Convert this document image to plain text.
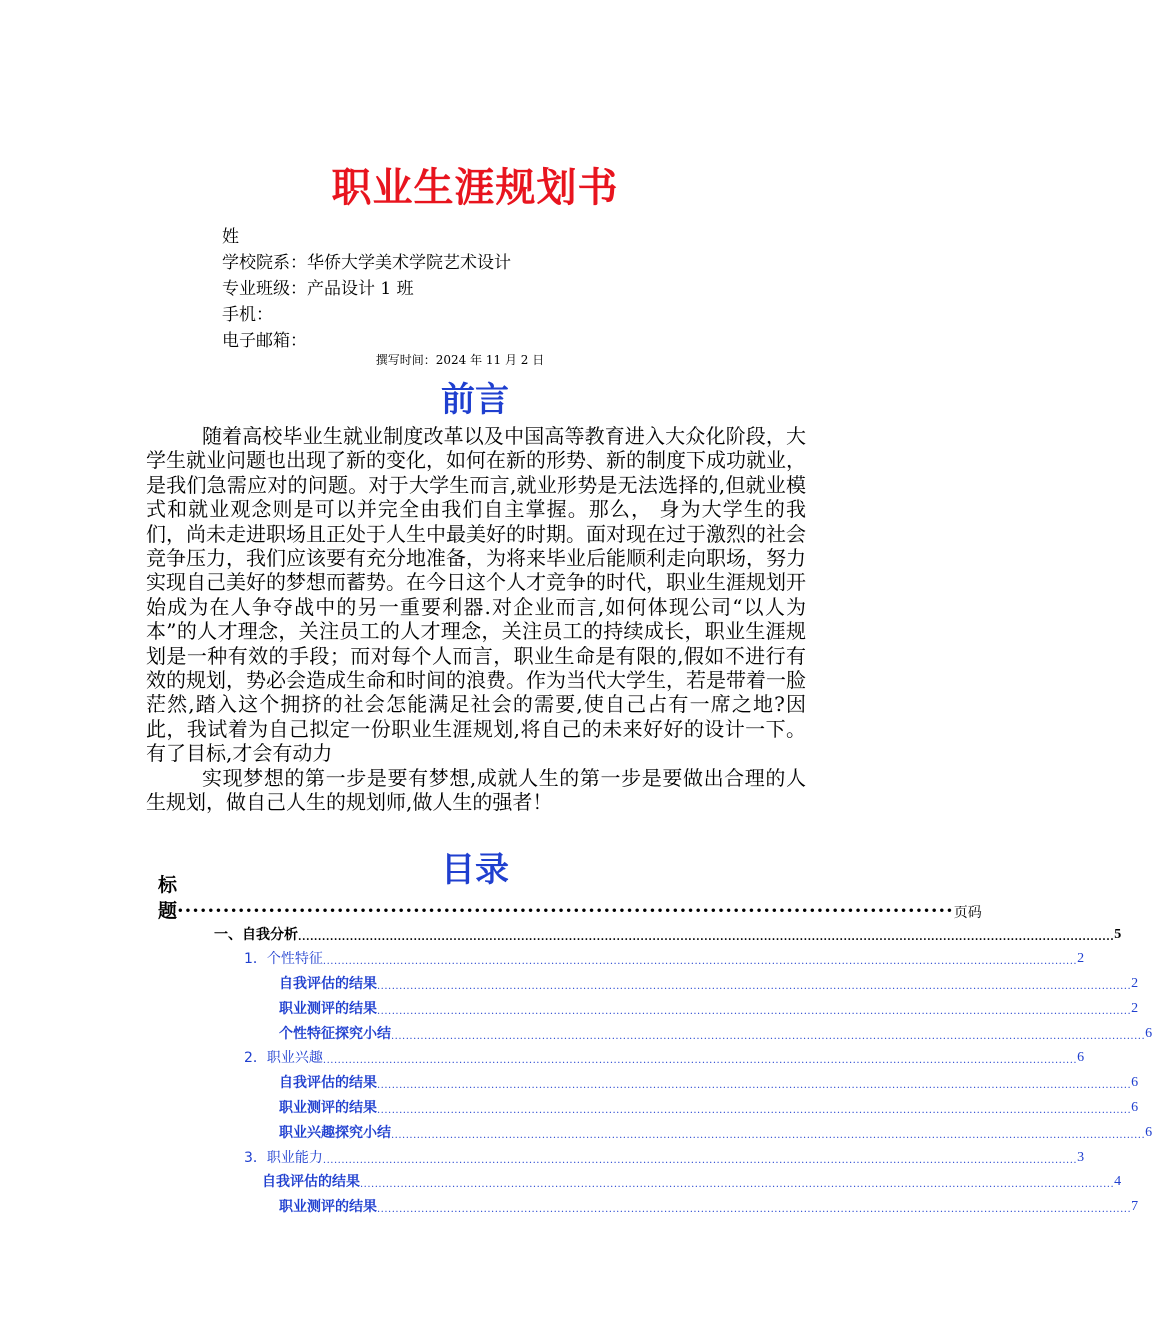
职业生涯规划书
姓
学校院系：华侨大学美术学院艺术设计
专业班级：产品设计 1 班
手机：
电子邮箱：
撰写时间：2024 年 11 月 2 日
前言

随着高校毕业生就业制度改革以及中国高等教育进入大众化阶段，大学生就业问题也出现了新的变化，如何在新的形势、新的制度下成功就业，是我们急需应对的问题。对于大学生而言,就业形势是无法选择的,但就业模式和就业观念则是可以并完全由我们自主掌握。那么， 身为大学生的我们，尚未走进职场且正处于人生中最美好的时期。面对现在过于激烈的社会竞争压力，我们应该要有充分地准备，为将来毕业后能顺利走向职场，努力实现自己美好的梦想而蓄势。在今日这个人才竞争的时代，职业生涯规划开始成为在人争夺战中的另一重要利器.对企业而言,如何体现公司“以人为本”的人才理念，关注员工的人才理念，关注员工的持续成长，职业生涯规划是一种有效的手段；而对每个人而言，职业生命是有限的,假如不进行有效的规划，势必会造成生命和时间的浪费。作为当代大学生，若是带着一脸茫然,踏入这个拥挤的社会怎能满足社会的需要,使自己占有一席之地?因此，我试着为自己拟定一份职业生涯规划,将自己的未来好好的设计一下。有了目标,才会有动力

实现梦想的第一步是要有梦想,成就人生的第一步是要做出合理的人生规划，做自己人生的规划师,做人生的强者！

目录
标题 ······································································································ 页码
一、自我分析 ............................................................................................................................................................................................................. 5
1．个性特征 ............................................................................................................................................................................................................. 2
自我评估的结果 ............................................................................................................................................................................................................. 2
职业测评的结果 ............................................................................................................................................................................................................. 2
个性特征探究小结 ............................................................................................................................................................................................................. 6
2．职业兴趣 ............................................................................................................................................................................................................. 6
自我评估的结果 ............................................................................................................................................................................................................. 6
职业测评的结果 ............................................................................................................................................................................................................. 6
职业兴趣探究小结 ............................................................................................................................................................................................................. 6
3．职业能力 ............................................................................................................................................................................................................. 3
自我评估的结果 ............................................................................................................................................................................................................. 4
职业测评的结果 ............................................................................................................................................................................................................. 7
